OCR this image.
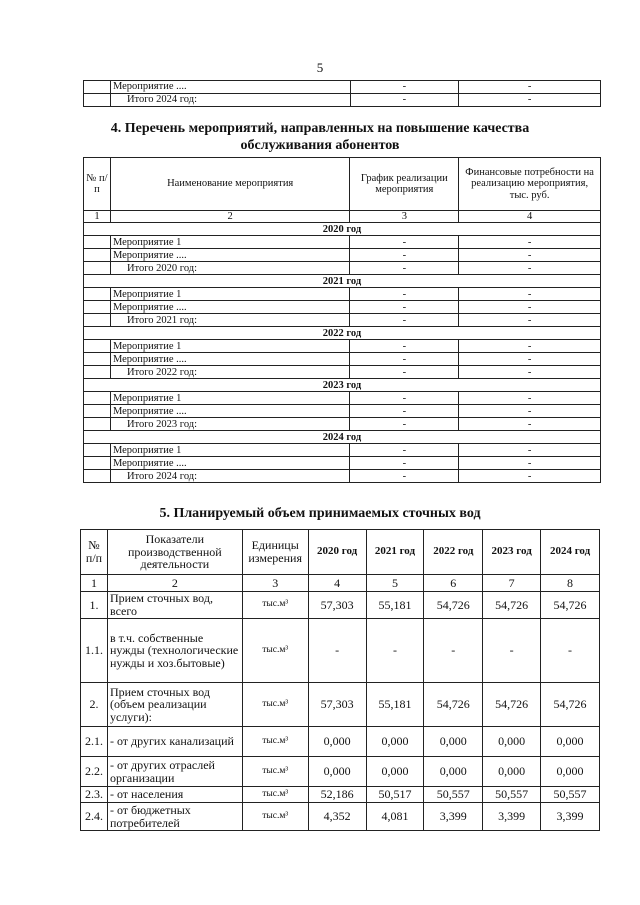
5
	Мероприятие ....	-	-
	Итого 2024 год:	-	-
4. Перечень мероприятий, направленных на повышение качества
обслуживания абонентов
№ п/п	Наименование мероприятия	График реализации мероприятия	Финансовые потребности на реализацию мероприятия, тыс. руб.
1	2	3	4
2020 год			
	Мероприятие 1	-	-
	Мероприятие ....	-	-
	Итого 2020 год:	-	-
2021 год			
	Мероприятие 1	-	-
	Мероприятие ....	-	-
	Итого 2021 год:	-	-
2022 год			
	Мероприятие 1	-	-
	Мероприятие ....	-	-
	Итого 2022 год:	-	-
2023 год			
	Мероприятие 1	-	-
	Мероприятие ....	-	-
	Итого 2023 год:	-	-
2024 год			
	Мероприятие 1	-	-
	Мероприятие ....	-	-
	Итого 2024 год:	-	-
5. Планируемый объем принимаемых сточных вод
№ п/п	Показатели производственной деятельности	Единицы измерения	2020 год	2021 год	2022 год	2023 год	2024 год
1	2	3	4	5	6	7	8
1.	Прием сточных вод, всего	тыс.м³	57,303	55,181	54,726	54,726	54,726
1.1.	в т.ч. собственные нужды (технологические нужды и хоз.бытовые)	тыс.м³	-	-	-	-	-
2.	Прием сточных вод (объем реализации услуги):	тыс.м³	57,303	55,181	54,726	54,726	54,726
2.1.	- от других канализаций	тыс.м³	0,000	0,000	0,000	0,000	0,000
2.2.	- от других отраслей организации	тыс.м³	0,000	0,000	0,000	0,000	0,000
2.3.	- от населения	тыс.м³	52,186	50,517	50,557	50,557	50,557
2.4.	- от бюджетных потребителей	тыс.м³	4,352	4,081	3,399	3,399	3,399
